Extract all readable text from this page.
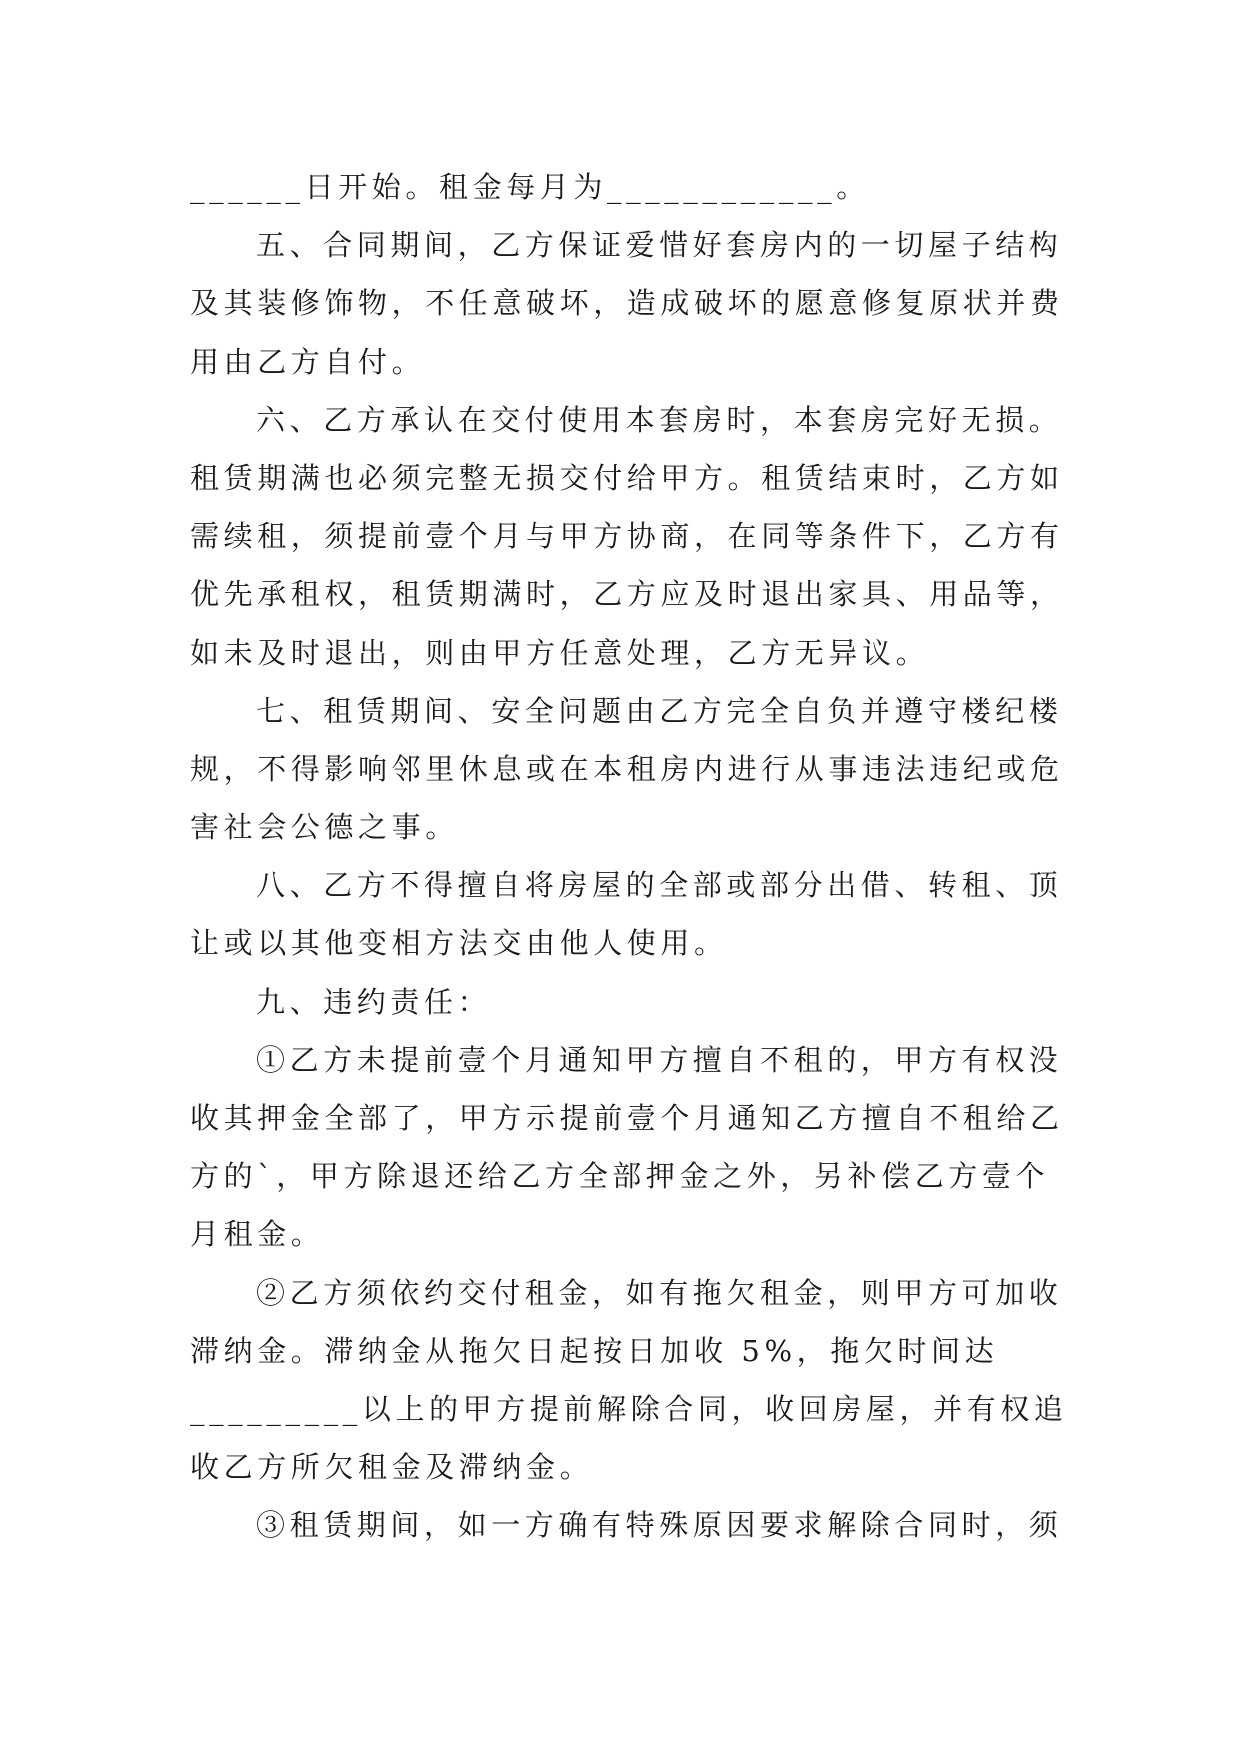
______日开始。租金每月为____________。
五、合同期间，乙方保证爱惜好套房内的一切屋子结构
及其装修饰物，不任意破坏，造成破坏的愿意修复原状并费
用由乙方自付。
六、乙方承认在交付使用本套房时，本套房完好无损。
租赁期满也必须完整无损交付给甲方。租赁结束时，乙方如
需续租，须提前壹个月与甲方协商，在同等条件下，乙方有
优先承租权，租赁期满时，乙方应及时退出家具、用品等，
如未及时退出，则由甲方任意处理，乙方无异议。
七、租赁期间、安全问题由乙方完全自负并遵守楼纪楼
规，不得影响邻里休息或在本租房内进行从事违法违纪或危
害社会公德之事。
八、乙方不得擅自将房屋的全部或部分出借、转租、顶
让或以其他变相方法交由他人使用。
九、违约责任：
①乙方未提前壹个月通知甲方擅自不租的，甲方有权没
收其押金全部了，甲方示提前壹个月通知乙方擅自不租给乙
方的`，甲方除退还给乙方全部押金之外，另补偿乙方壹个
月租金。
②乙方须依约交付租金，如有拖欠租金，则甲方可加收
滞纳金。滞纳金从拖欠日起按日加收 5%，拖欠时间达
_________以上的甲方提前解除合同，收回房屋，并有权追
收乙方所欠租金及滞纳金。
③租赁期间，如一方确有特殊原因要求解除合同时，须
